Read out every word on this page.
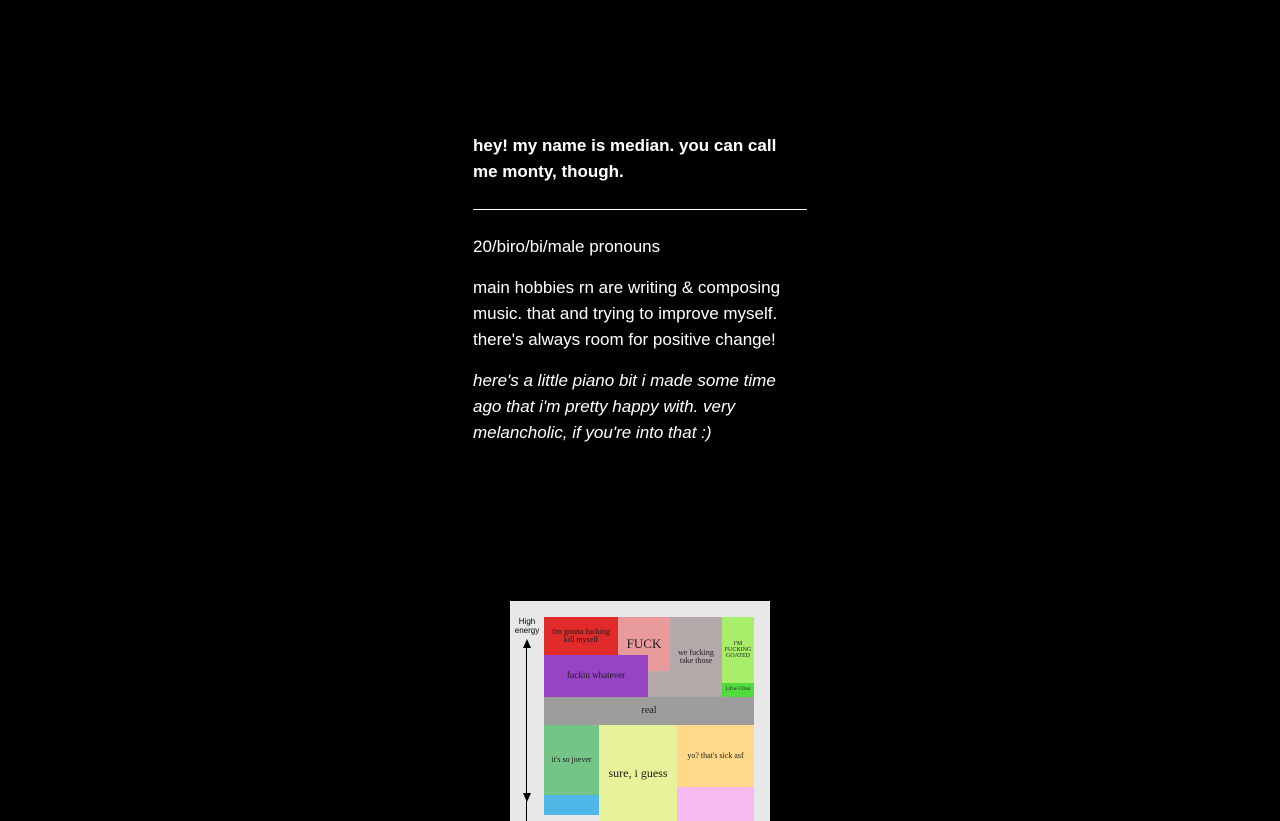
hey! my name is median. you can call me monty, though.

20/biro/bi/male pronouns

main hobbies rn are writing & composing music. that and trying to improve myself. there's always room for positive change!

here's a little piano bit i made some time ago that i'm pretty happy with. very melancholic, if you're into that :)

High energy	i'm gonna fucking kill myself	FUCK
we fucking take those
I'M FUCKING GOATED
fuckin whatever
Lil'ne GOon
real
it's so joever
sure, i guess
yo? that's sick asf
